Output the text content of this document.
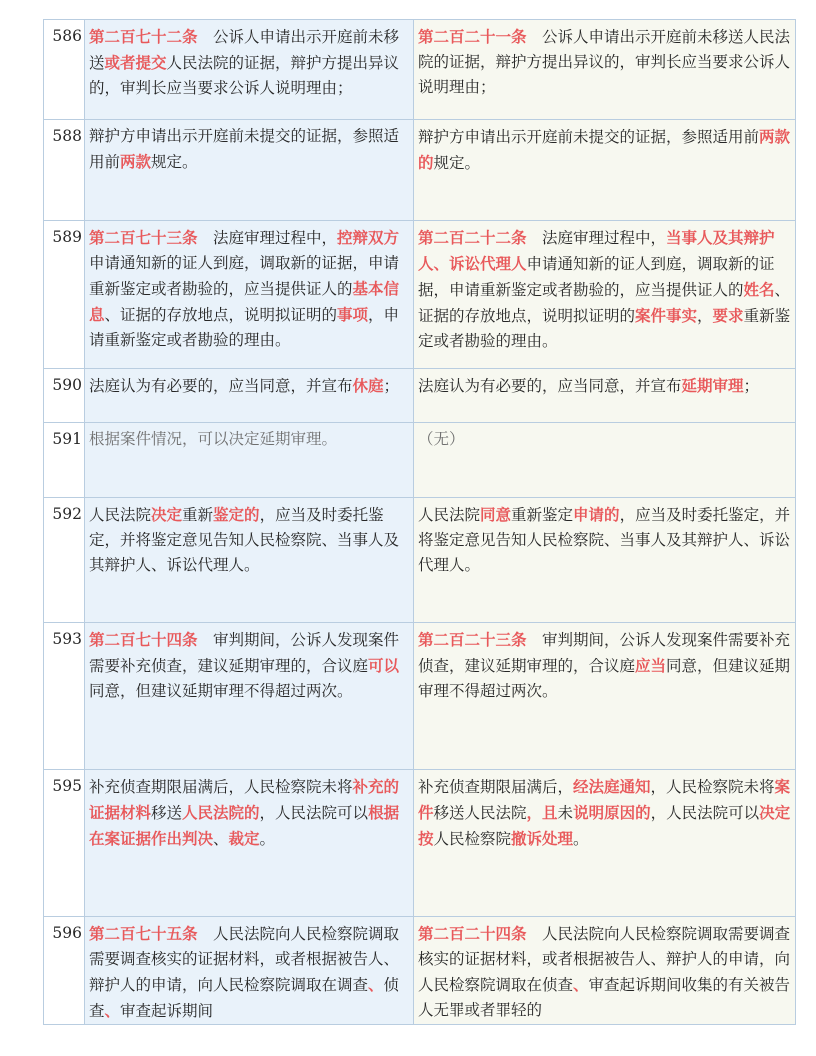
586	第二百七十二条　公诉人申请出示开庭前未移送或者提交人民法院的证据，辩护方提出异议的，审判长应当要求公诉人说明理由；	第二百二十一条　公诉人申请出示开庭前未移送人民法院的证据，辩护方提出异议的，审判长应当要求公诉人说明理由；
588	辩护方申请出示开庭前未提交的证据，参照适用前两款规定。	辩护方申请出示开庭前未提交的证据，参照适用前两款的规定。
589	第二百七十三条　法庭审理过程中，控辩双方申请通知新的证人到庭，调取新的证据，申请重新鉴定或者勘验的，应当提供证人的基本信息、证据的存放地点，说明拟证明的事项，申请重新鉴定或者勘验的理由。	第二百二十二条　法庭审理过程中，当事人及其辩护人、诉讼代理人申请通知新的证人到庭，调取新的证据，申请重新鉴定或者勘验的，应当提供证人的姓名、证据的存放地点，说明拟证明的案件事实，要求重新鉴定或者勘验的理由。
590	法庭认为有必要的，应当同意，并宣布休庭；	法庭认为有必要的，应当同意，并宣布延期审理；
591	根据案件情况，可以决定延期审理。	（无）
592	人民法院决定重新鉴定的，应当及时委托鉴定，并将鉴定意见告知人民检察院、当事人及其辩护人、诉讼代理人。	人民法院同意重新鉴定申请的，应当及时委托鉴定，并将鉴定意见告知人民检察院、当事人及其辩护人、诉讼代理人。
593	第二百七十四条　审判期间，公诉人发现案件需要补充侦查，建议延期审理的，合议庭可以同意，但建议延期审理不得超过两次。	第二百二十三条　审判期间，公诉人发现案件需要补充侦查，建议延期审理的，合议庭应当同意，但建议延期审理不得超过两次。
595	补充侦查期限届满后，人民检察院未将补充的证据材料移送人民法院的，人民法院可以根据在案证据作出判决、裁定。	补充侦查期限届满后，经法庭通知，人民检察院未将案件移送人民法院，且未说明原因的，人民法院可以决定按人民检察院撤诉处理。
596	第二百七十五条　人民法院向人民检察院调取需要调查核实的证据材料，或者根据被告人、辩护人的申请，向人民检察院调取在调查、侦查、审查起诉期间	第二百二十四条　人民法院向人民检察院调取需要调查核实的证据材料，或者根据被告人、辩护人的申请，向人民检察院调取在侦查、审查起诉期间收集的有关被告人无罪或者罪轻的
